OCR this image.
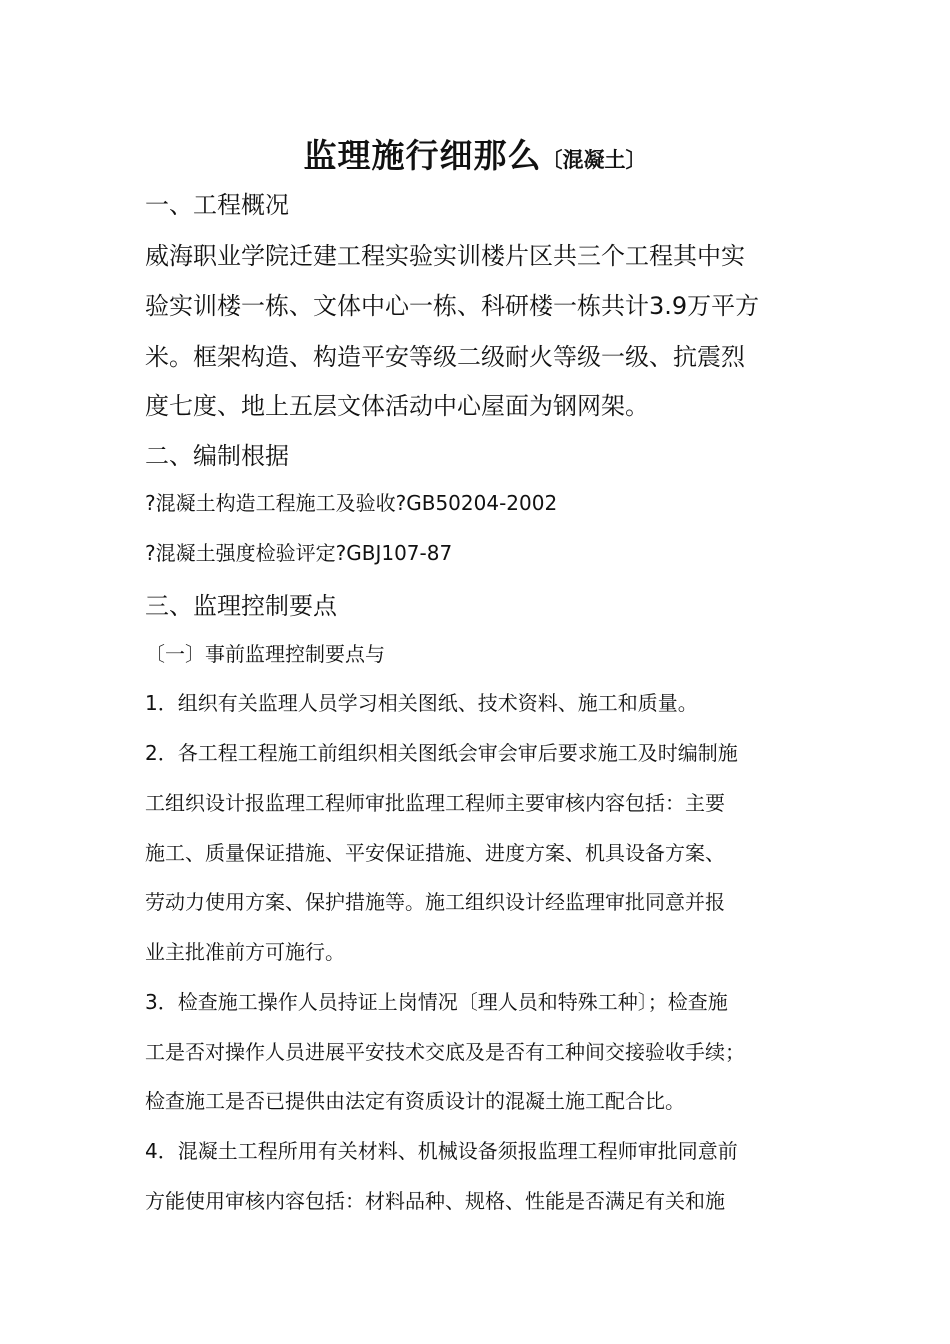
监理施行细那么〔混凝土〕
一、工程概况
威海职业学院迁建工程实验实训楼片区共三个工程其中实
验实训楼一栋、文体中心一栋、科研楼一栋共计3.9万平方
米。框架构造、构造平安等级二级耐火等级一级、抗震烈
度七度、地上五层文体活动中心屋面为钢网架。
二、编制根据
?混凝土构造工程施工及验收?GB50204-2002
?混凝土强度检验评定?GBJ107-87
三、监理控制要点
〔一〕事前监理控制要点与
1．组织有关监理人员学习相关图纸、技术资料、施工和质量。
2．各工程工程施工前组织相关图纸会审会审后要求施工及时编制施
工组织设计报监理工程师审批监理工程师主要审核内容包括：主要
施工、质量保证措施、平安保证措施、进度方案、机具设备方案、
劳动力使用方案、保护措施等。施工组织设计经监理审批同意并报
业主批准前方可施行。
3．检查施工操作人员持证上岗情况〔理人员和特殊工种〕；检查施
工是否对操作人员进展平安技术交底及是否有工种间交接验收手续；
检查施工是否已提供由法定有资质设计的混凝土施工配合比。
4．混凝土工程所用有关材料、机械设备须报监理工程师审批同意前
方能使用审核内容包括：材料品种、规格、性能是否满足有关和施
